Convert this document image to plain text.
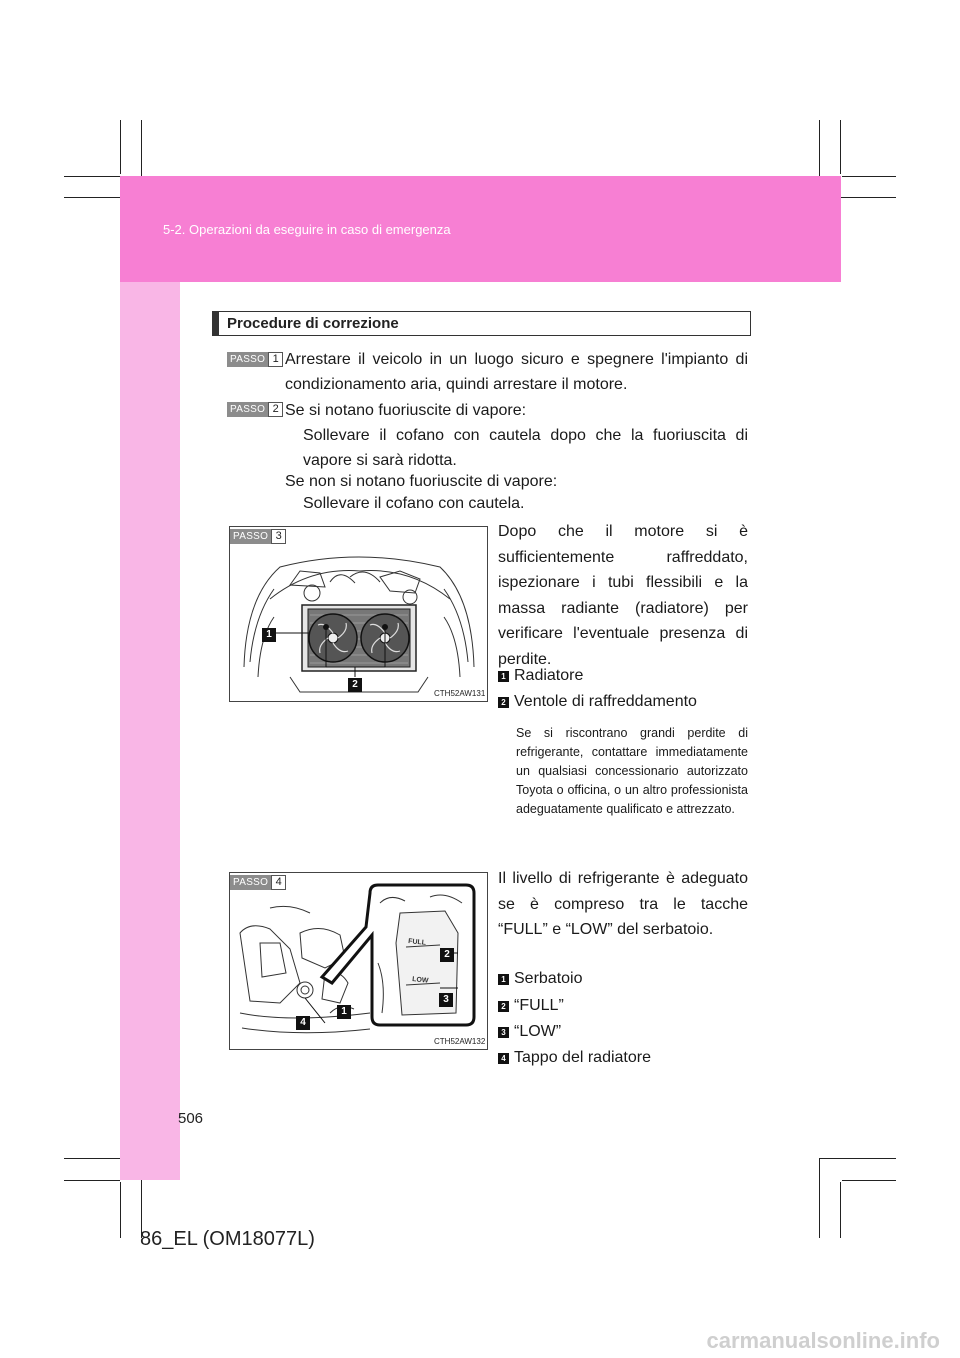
5-2. Operazioni da eseguire in caso di emergenza
Procedure di correzione
PASSO 1 Arrestare il veicolo in un luogo sicuro e spegnere l'impianto di condizionamento aria, quindi arrestare il motore.
PASSO 2 Se si notano fuoriuscite di vapore:
Sollevare il cofano con cautela dopo che la fuoriuscita di vapore si sarà ridotta.
Se non si notano fuoriuscite di vapore:
Sollevare il cofano con cautela.
PASSO 3
1
2
CTH52AW131
Dopo che il motore si è sufficientemente raffreddato, ispezionare i tubi flessibili e la massa radiante (radiatore) per verificare l'eventuale presenza di perdite.
1 Radiatore
2 Ventole di raffreddamento
Se si riscontrano grandi perdite di refrigerante, contattare immediatamente un qualsiasi concessionario autorizzato Toyota o officina, o un altro professionista adeguatamente qualificato e attrezzato.
PASSO 4
FULL
LOW
2
3
1
4
CTH52AW132
Il livello di refrigerante è adeguato se è compreso tra le tacche “FULL” e “LOW” del serbatoio.
1 Serbatoio
2 “FULL”
3 “LOW”
4 Tappo del radiatore
506
86_EL (OM18077L)
carmanualsonline.info
